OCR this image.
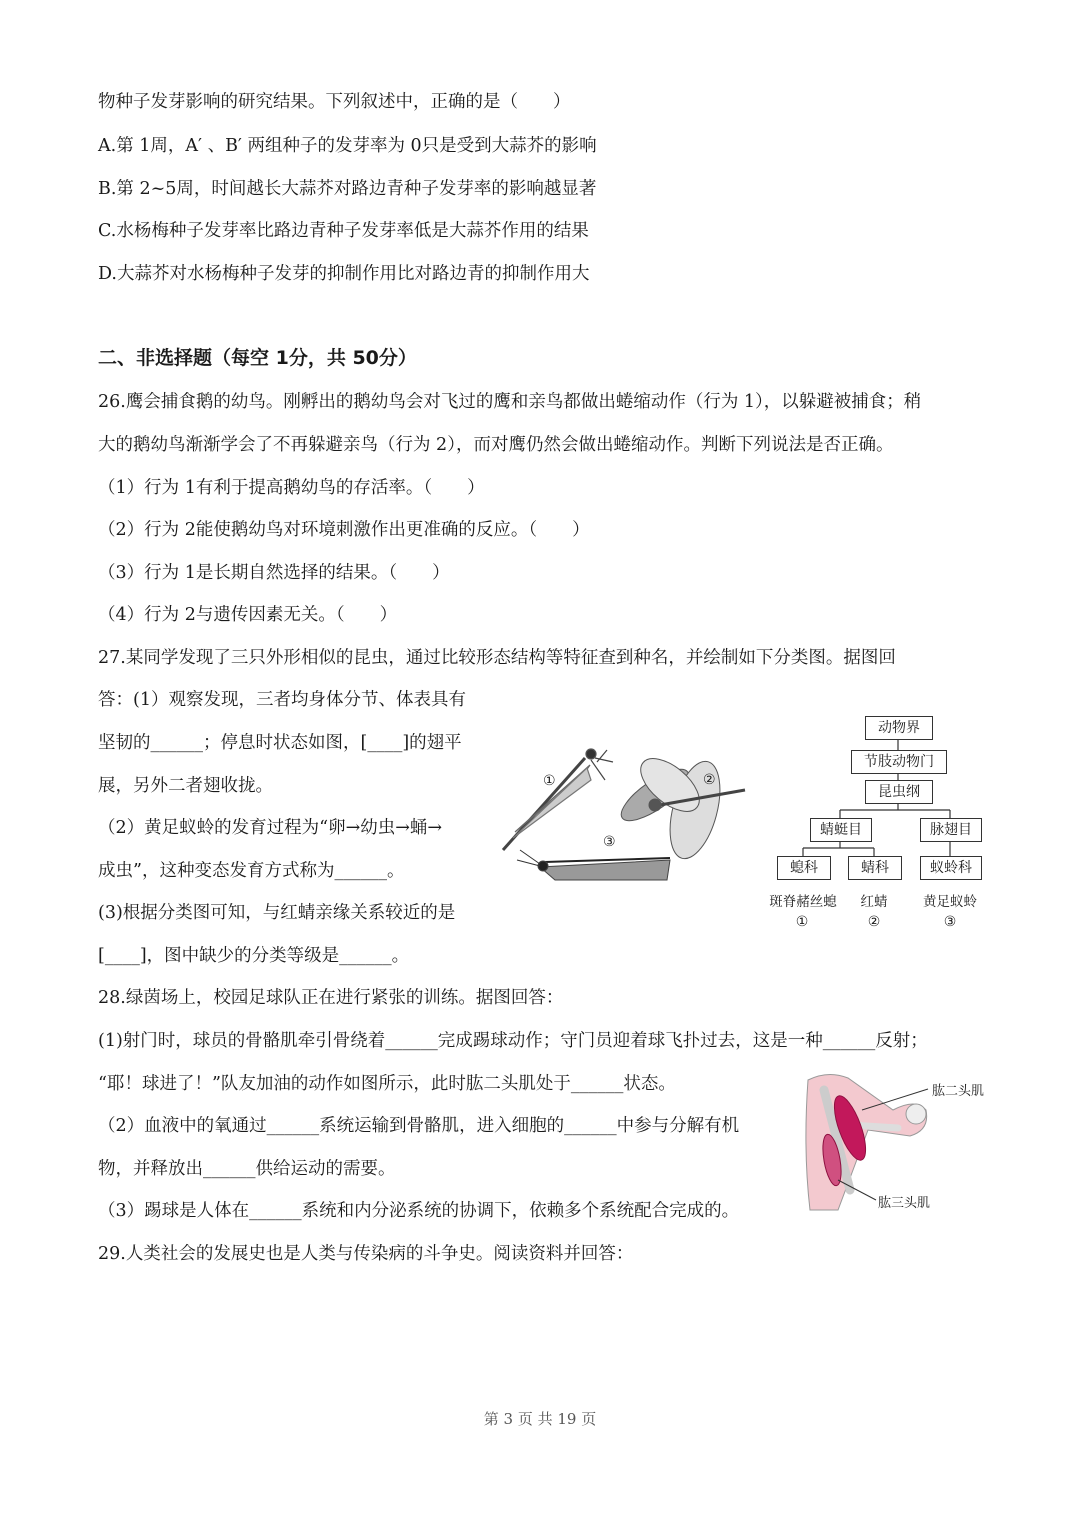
物种子发芽影响的研究结果。下列叙述中，正确的是（　　）
A.第 1周，A′ 、B′ 两组种子的发芽率为 0只是受到大蒜芥的影响
B.第 2~5周，时间越长大蒜芥对路边青种子发芽率的影响越显著
C.水杨梅种子发芽率比路边青种子发芽率低是大蒜芥作用的结果
D.大蒜芥对水杨梅种子发芽的抑制作用比对路边青的抑制作用大
二、非选择题（每空 1分，共 50分）
26.鹰会捕食鹅的幼鸟。刚孵出的鹅幼鸟会对飞过的鹰和亲鸟都做出蜷缩动作（行为 1），以躲避被捕食；稍
大的鹅幼鸟渐渐学会了不再躲避亲鸟（行为 2），而对鹰仍然会做出蜷缩动作。判断下列说法是否正确。
（1）行为 1有利于提高鹅幼鸟的存活率。（　　）
（2）行为 2能使鹅幼鸟对环境刺激作出更准确的反应。（　　）
（3）行为 1是长期自然选择的结果。（　　）
（4）行为 2与遗传因素无关。（　　）
27.某同学发现了三只外形相似的昆虫，通过比较形态结构等特征查到种名，并绘制如下分类图。据图回
答：(1）观察发现，三者均身体分节、体表具有
坚韧的______；停息时状态如图，[____]的翅平
展，另外二者翅收拢。
（2）黄足蚁蛉的发育过程为“卵→幼虫→蛹→
成虫”，这种变态发育方式称为______。
(3)根据分类图可知，与红蜻亲缘关系较近的是
[____]，图中缺少的分类等级是______。
28.绿茵场上，校园足球队正在进行紧张的训练。据图回答：
(1)射门时，球员的骨骼肌牵引骨绕着______完成踢球动作；守门员迎着球飞扑过去，这是一种______反射；
“耶！球进了！”队友加油的动作如图所示，此时肱二头肌处于______状态。
（2）血液中的氧通过______系统运输到骨骼肌，进入细胞的______中参与分解有机
物，并释放出______供给运动的需要。
（3）踢球是人体在______系统和内分泌系统的协调下，依赖多个系统配合完成的。
29.人类社会的发展史也是人类与传染病的斗争史。阅读资料并回答：
①	②
③
动物界
节肢动物门
昆虫纲
蜻蜓目	脉翅目
螅科	蜻科	蚁蛉科
斑脊赭丝螅	红蜻	黄足蚁蛉
①	②	③
肱二头肌
肱三头肌
第 3 页 共 19 页
